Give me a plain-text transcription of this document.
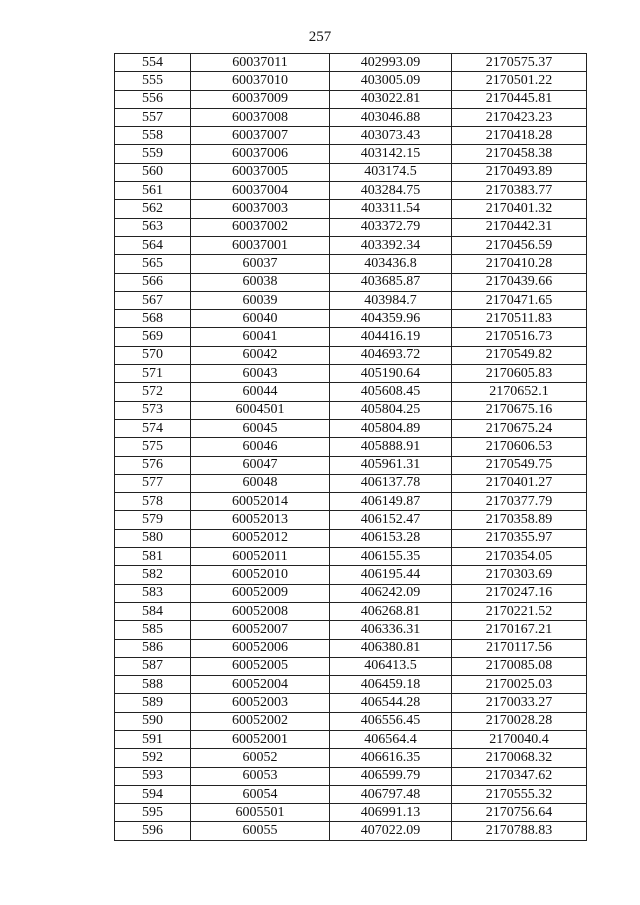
257
554	60037011	402993.09	2170575.37
555	60037010	403005.09	2170501.22
556	60037009	403022.81	2170445.81
557	60037008	403046.88	2170423.23
558	60037007	403073.43	2170418.28
559	60037006	403142.15	2170458.38
560	60037005	403174.5	2170493.89
561	60037004	403284.75	2170383.77
562	60037003	403311.54	2170401.32
563	60037002	403372.79	2170442.31
564	60037001	403392.34	2170456.59
565	60037	403436.8	2170410.28
566	60038	403685.87	2170439.66
567	60039	403984.7	2170471.65
568	60040	404359.96	2170511.83
569	60041	404416.19	2170516.73
570	60042	404693.72	2170549.82
571	60043	405190.64	2170605.83
572	60044	405608.45	2170652.1
573	6004501	405804.25	2170675.16
574	60045	405804.89	2170675.24
575	60046	405888.91	2170606.53
576	60047	405961.31	2170549.75
577	60048	406137.78	2170401.27
578	60052014	406149.87	2170377.79
579	60052013	406152.47	2170358.89
580	60052012	406153.28	2170355.97
581	60052011	406155.35	2170354.05
582	60052010	406195.44	2170303.69
583	60052009	406242.09	2170247.16
584	60052008	406268.81	2170221.52
585	60052007	406336.31	2170167.21
586	60052006	406380.81	2170117.56
587	60052005	406413.5	2170085.08
588	60052004	406459.18	2170025.03
589	60052003	406544.28	2170033.27
590	60052002	406556.45	2170028.28
591	60052001	406564.4	2170040.4
592	60052	406616.35	2170068.32
593	60053	406599.79	2170347.62
594	60054	406797.48	2170555.32
595	6005501	406991.13	2170756.64
596	60055	407022.09	2170788.83
